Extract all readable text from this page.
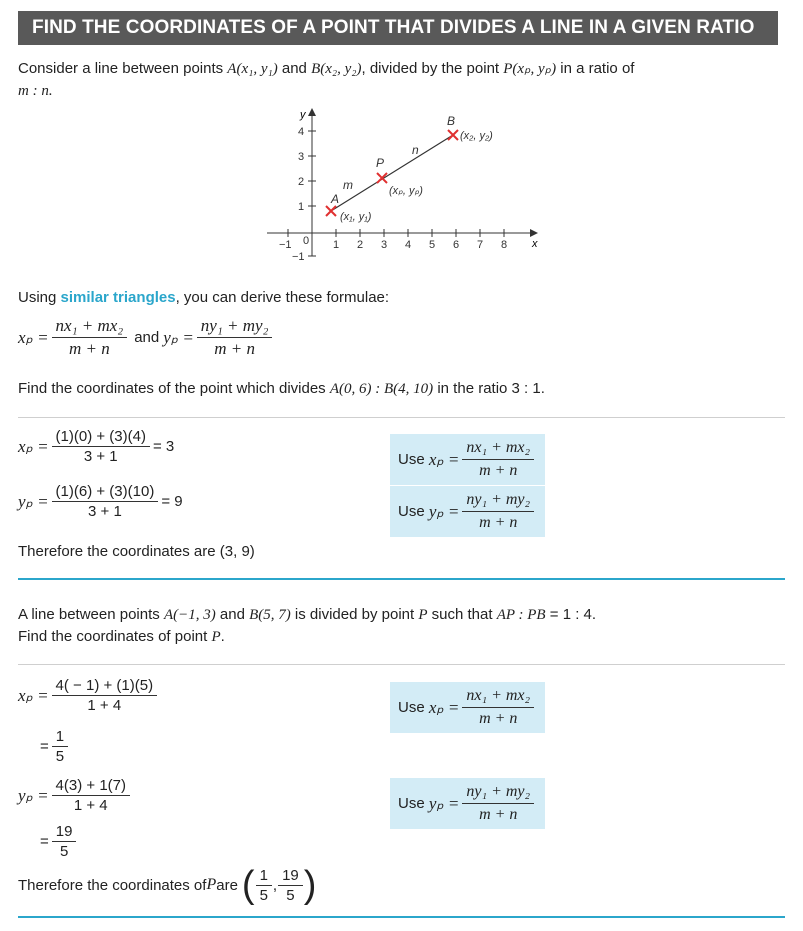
FIND THE COORDINATES OF A POINT THAT DIVIDES A LINE IN A GIVEN RATIO
Consider a line between points A(x₁, y₁) and B(x₂, y₂), divided by the point P(xₚ, yₚ) in a ratio of
m : n.
y
x
4
3
2
1
−1
−1 0 1 2 3 4 5 6 7 8
A
P
B
m
n
(x₁, y₁)
(xₚ, yₚ)
(x₂, y₂)
Using similar triangles, you can derive these formulae:
$x_p = \frac{\text{nx₁ + mx₂}}{m + n}$ and $y_p = \frac{\text{ny₁ + my₂}}{m + n}$
Find the coordinates of the point which divides A(0, 6) : B(4, 10) in the ratio 3 : 1.
$x_p = \frac{(1)(0) + (3)(4)}{3 + 1} = 3$
Use
$x_p = \frac{\text{nx₁ + mx₂}}{m + n}$
$y_p = \frac{(1)(6) + (3)(10)}{3 + 1} = 9$
Use
$y_p = \frac{\text{ny₁ + my₂}}{m + n}$
Therefore the coordinates are (3, 9)
A line between points A(−1, 3) and B(5, 7) is divided by point P such that AP : PB = 1 : 4.
Find the coordinates of point P.
$x_p = \frac{4( - 1) + (1)(5)}{1 + 4}$	Use
$x_p = \frac{\text{nx₁ + mx₂}}{m + n}$
= $\frac{1}{5}$
$y_p = \frac{4(3) + 1(7)}{1 + 4}$	Use
$y_p = \frac{\text{ny₁ + my₂}}{m + n}$
= $\frac{19}{5}$
Therefore the coordinates of P are ( $\frac{1}{5}$ , $\frac{19}{5}$ )
